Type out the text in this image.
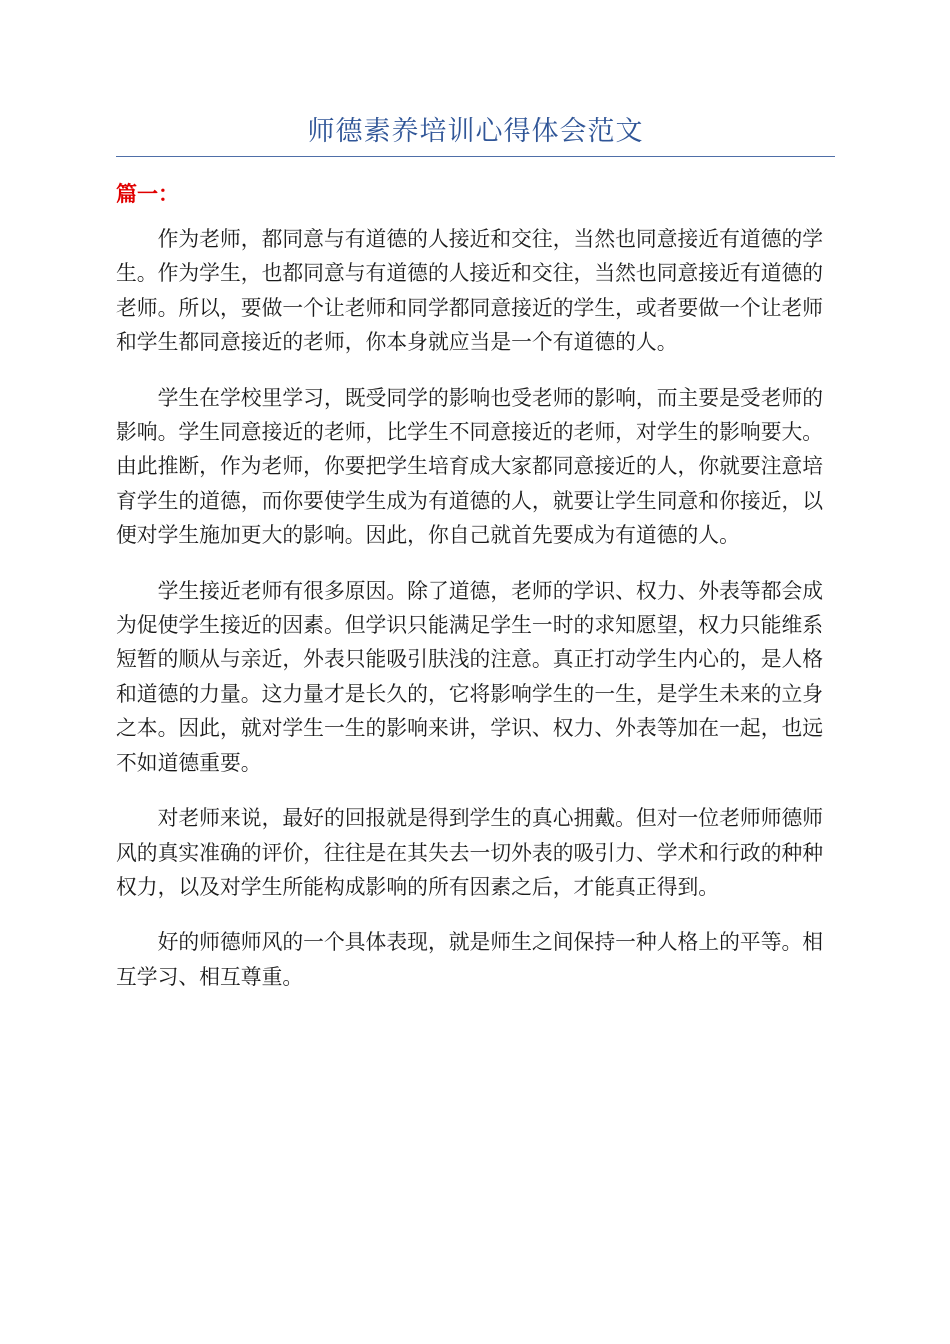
师德素养培训心得体会范文
篇一：

作为老师，都同意与有道德的人接近和交往，当然也同意接近有道德的学生。作为学生，也都同意与有道德的人接近和交往，当然也同意接近有道德的老师。所以，要做一个让老师和同学都同意接近的学生，或者要做一个让老师和学生都同意接近的老师，你本身就应当是一个有道德的人。

学生在学校里学习，既受同学的影响也受老师的影响，而主要是受老师的影响。学生同意接近的老师，比学生不同意接近的老师，对学生的影响要大。由此推断，作为老师，你要把学生培育成大家都同意接近的人，你就要注意培育学生的道德，而你要使学生成为有道德的人，就要让学生同意和你接近，以便对学生施加更大的影响。因此，你自己就首先要成为有道德的人。

学生接近老师有很多原因。除了道德，老师的学识、权力、外表等都会成为促使学生接近的因素。但学识只能满足学生一时的求知愿望，权力只能维系短暂的顺从与亲近，外表只能吸引肤浅的注意。真正打动学生内心的，是人格和道德的力量。这力量才是长久的，它将影响学生的一生，是学生未来的立身之本。因此，就对学生一生的影响来讲，学识、权力、外表等加在一起，也远不如道德重要。

对老师来说，最好的回报就是得到学生的真心拥戴。但对一位老师师德师风的真实准确的评价，往往是在其失去一切外表的吸引力、学术和行政的种种权力，以及对学生所能构成影响的所有因素之后，才能真正得到。

好的师德师风的一个具体表现，就是师生之间保持一种人格上的平等。相互学习、相互尊重。
